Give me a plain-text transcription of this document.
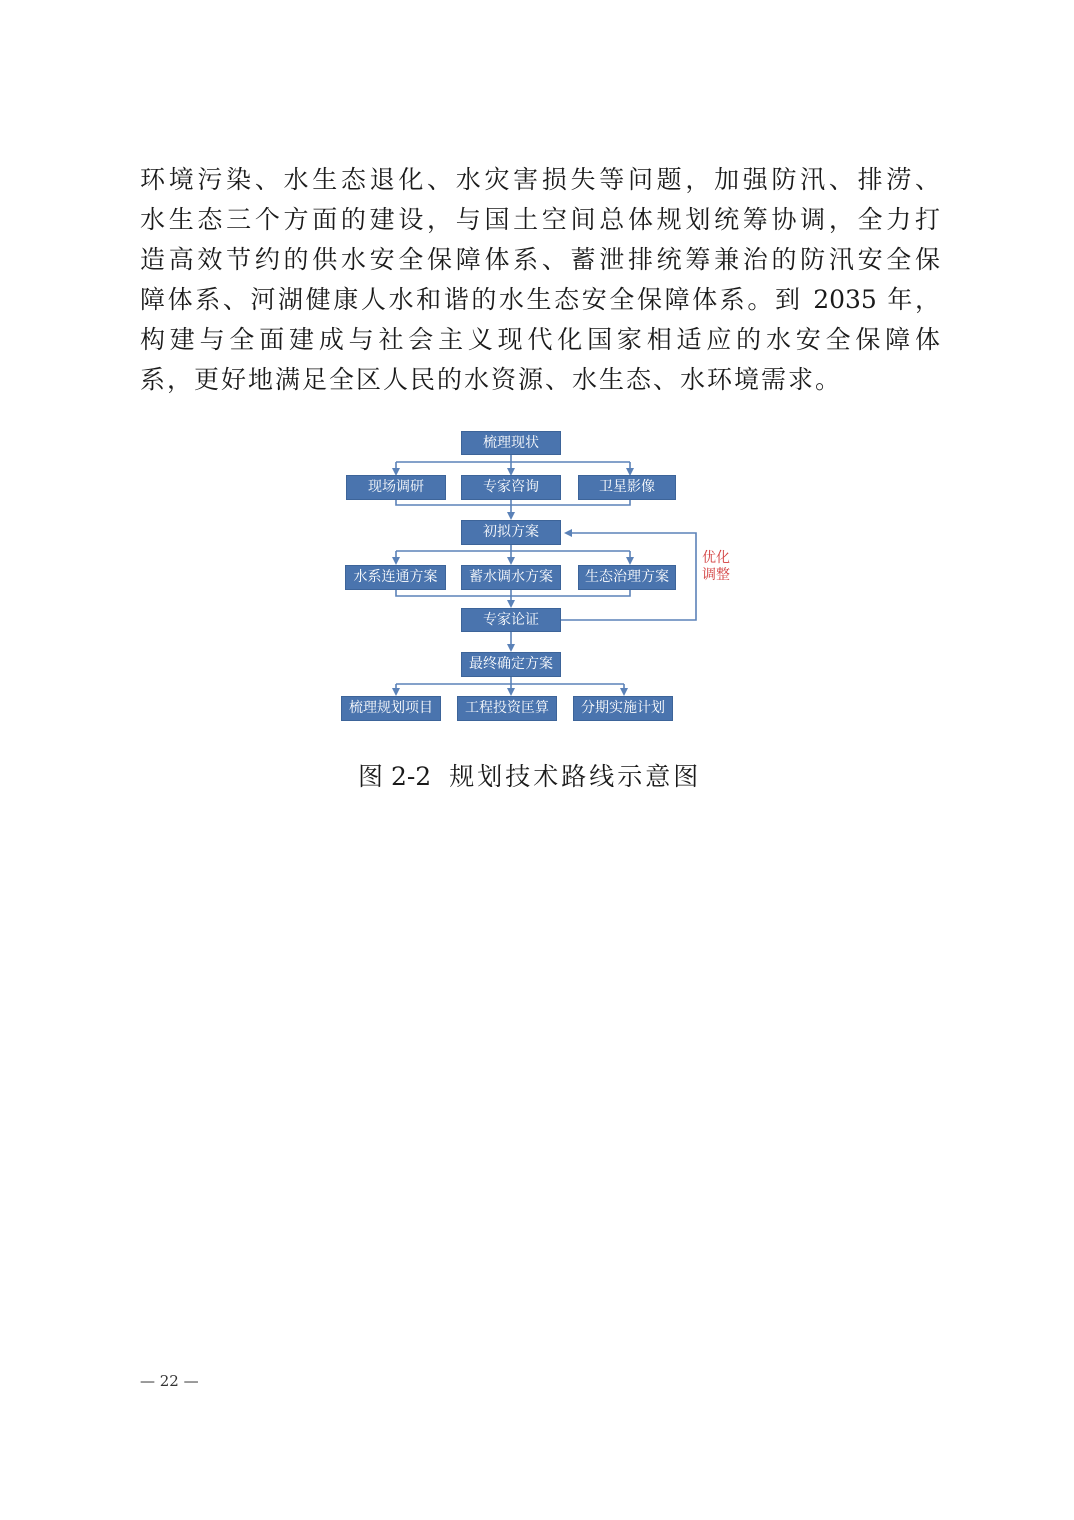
环境污染、水生态退化、水灾害损失等问题，加强防汛、排涝、
水生态三个方面的建设，与国土空间总体规划统筹协调，全力打
造高效节约的供水安全保障体系、蓄泄排统筹兼治的防汛安全保
障体系、河湖健康人水和谐的水生态安全保障体系。到 2035 年，
构建与全面建成与社会主义现代化国家相适应的水安全保障体
系，更好地满足全区人民的水资源、水生态、水环境需求。
梳理现状
现场调研	专家咨询	卫星影像
初拟方案
水系连通方案	蓄水调水方案	生态治理方案
专家论证
最终确定方案
梳理规划项目	工程投资匡算	分期实施计划
优化
调整
图 2-2 规划技术路线示意图
— 22 —
